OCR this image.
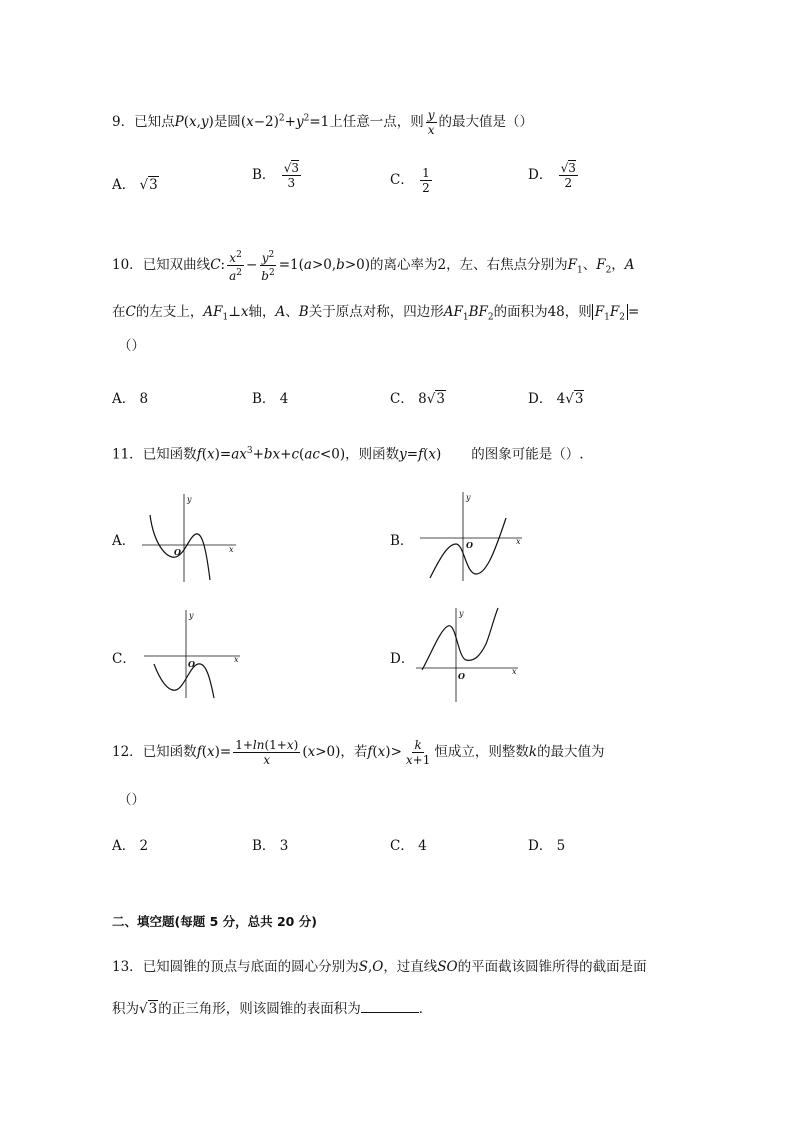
9．已知点P(x,y)是圆$(x-2)^2+y^2=1$上任意一点，则 $\frac{y}{x}$ 的最大值是（）
A． √3
B． $\frac{√3}{3}$	C． $\frac{1}{2}$	D． $\frac{√3}{2}$
10．已知双曲线C: $\frac{x^2}{a^2} - \frac{y^2}{b^2} =1(a>0,b>0)$的离心率为2，左、右焦点分别为$F_1$、$F_2$，A
在C的左支上，$AF_1\perp x$轴，A、B关于原点对称，四边形$AF_1BF_2$的面积为48，则 $F_1F_2$ =
（）
A． 8	B． 4	C． 8√3	D． 4√3
11．已知函数$f(x)=ax^3+bx+c(ac<0)$，则函数y=f(x) 的图象可能是（）.
A．
y
x
O
B．
y
x
O
C．
y
x
O	D．
y
x
O
12．已知函数$f(x)= \frac{1+\ln(1+x)}{x} (x>0)$，若$f(x)> \frac{k}{x+1}$ 恒成立，则整数k的最大值为
（）
A． 2	B． 3	C． 4	D． 5
二、填空题(每题 5 分，总共 20 分)
13．已知圆锥的顶点与底面的圆心分别为S,O，过直线SO的平面截该圆锥所得的截面是面
积为√3的正三角形，则该圆锥的表面积为	．
